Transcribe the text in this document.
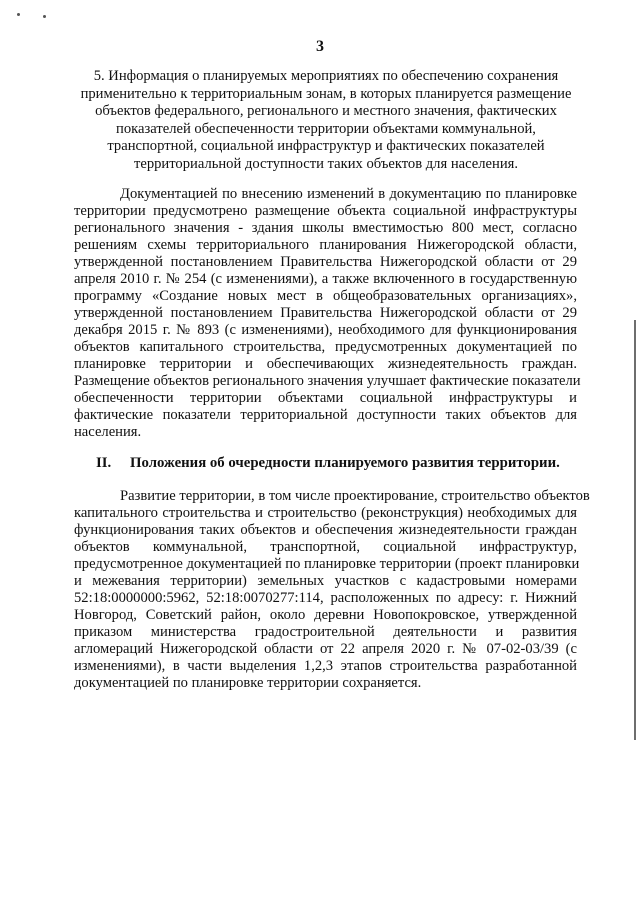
3
5. Информация о планируемых мероприятиях по обеспечению сохранения
применительно к территориальным зонам, в которых планируется размещение
объектов федерального, регионального и местного значения, фактических
показателей обеспеченности территории объектами коммунальной,
транспортной, социальной инфраструктур и фактических показателей
территориальной доступности таких объектов для населения.
Документацией по внесению изменений в документацию по планировке
территории предусмотрено размещение объекта социальной инфраструктуры
регионального значения - здания школы вместимостью 800 мест, согласно
решениям схемы территориального планирования Нижегородской области,
утвержденной постановлением Правительства Нижегородской области от 29
апреля 2010 г. № 254 (с изменениями), а также включенного в государственную
программу «Создание новых мест в общеобразовательных организациях»,
утвержденной постановлением Правительства Нижегородской области от 29
декабря 2015 г. № 893 (с изменениями), необходимого для функционирования
объектов капитального строительства, предусмотренных документацией по
планировке территории и обеспечивающих жизнедеятельность граждан.
Размещение объектов регионального значения улучшает фактические показатели
обеспеченности территории объектами социальной инфраструктуры и
фактические показатели территориальной доступности таких объектов для
населения.
II. Положения об очередности планируемого развития территории.
Развитие территории, в том числе проектирование, строительство объектов
капитального строительства и строительство (реконструкция) необходимых для
функционирования таких объектов и обеспечения жизнедеятельности граждан
объектов коммунальной, транспортной, социальной инфраструктур,
предусмотренное документацией по планировке территории (проект планировки
и межевания территории) земельных участков с кадастровыми номерами
52:18:0000000:5962, 52:18:0070277:114, расположенных по адресу: г. Нижний
Новгород, Советский район, около деревни Новопокровское, утвержденной
приказом министерства градостроительной деятельности и развития
агломераций Нижегородской области от 22 апреля 2020 г. № 07-02-03/39 (с
изменениями), в части выделения 1,2,3 этапов строительства разработанной
документацией по планировке территории сохраняется.
